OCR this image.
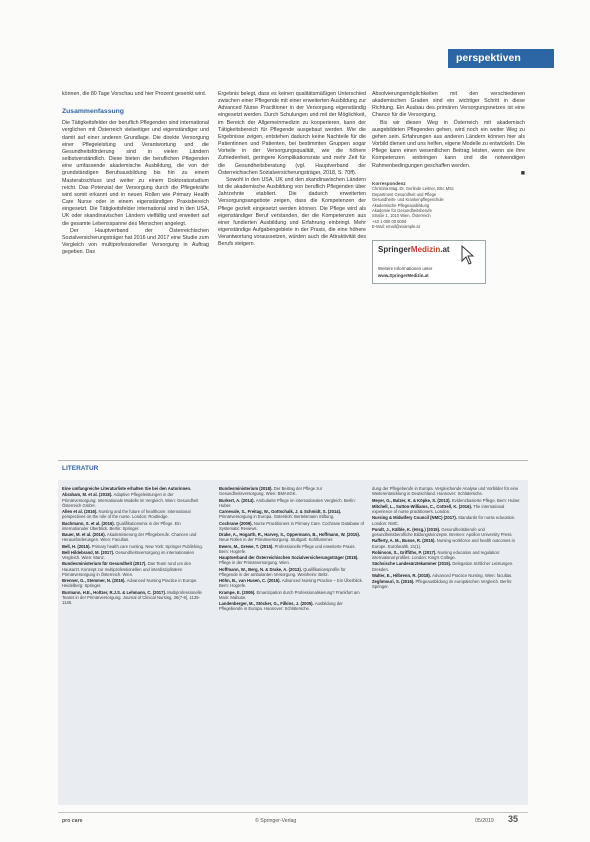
perspektiven

können, die 80 Tage Vorschau und hier Prozent gesenkt wird.

Zusammenfassung

Die Tätigkeitsfelder der beruflich Pflegenden sind international verglichen mit Österreich vielseitiger und eigenständiger und damit auf einer anderen Grundlage. Die direkte Versorgung einer Pflegeleistung und Verantwortung und die Gesundheitsförderung sind in vielen Ländern selbstverständlich. Diese bieten die beruflichen Pflegenden eine umfassende akademische Ausbildung, die von der grundständigen Berufsausbildung bis hin zu einem Masterabschluss und weiter zu einem Doktoratsstudium reicht. Das Potenzial der Versorgung durch die Pflegekräfte wird somit erkannt und in neuen Rollen wie Primary Health Care Nurse oder in einem eigenständigen Praxisbereich eingesetzt. Die Tätigkeitsfelder international sind in den USA, UK oder skandinavischen Ländern vielfältig und erweitert auf die gesamte Lebensspanne des Menschen angelegt.

Der Hauptverband der Österreichischen Sozialversicherungsträger hat 2016 und 2017 eine Studie zum Vergleich von multiprofessioneller Versorgung in Auftrag gegeben. Das

Ergebnis belegt, dass es keinen qualitätsmäßigen Unterschied zwischen einer Pflegende mit einer erweiterten Ausbildung zur Advanced Nurse Practitioner in der Versorgung eigenständig eingesetzt werden. Durch Schulungen und mit der Möglichkeit, im Bereich der Allgemeinmedizin zu kooperieren, kann der Tätigkeitsbereich für Pflegende ausgebaut werden. Wie die Ergebnisse zeigen, entstehen dadurch keine Nachteile für die Patientinnen und Patienten, bei bestimmten Gruppen sogar Vorteile in der Versorgungsqualität, wie die höhere Zufriedenheit, geringere Komplikationsrate und mehr Zeit für die Gesundheitsberatung (vgl. Hauptverband der Österreichischen Sozialversicherungsträger, 2018, S. 70ff).

Sowohl in den USA, UK und den skandinavischen Ländern ist die akademische Ausbildung von beruflich Pflegenden über Jahrzehnte etabliert. Die dadurch erweiterten Versorgungsangebote zeigen, dass die Kompetenzen der Pflege gezielt eingesetzt werden können. Die Pflege wird als eigenständiger Beruf verstanden, der die Kompetenzen aus einer fundierten Ausbildung und Erfahrung einbringt. Mehr eigenständige Aufgabengebiete in der Praxis, die eine höhere Verantwortung voraussetzen, würden auch die Attraktivität des Berufs steigern.

Absolvierungsmöglichkeiten mit den verschiedenen akademischen Graden sind ein wichtiger Schritt in diese Richtung. Ein Ausbau des primären Versorgungsnetzes ist eine Chance für die Versorgung.

Bis wir diesen Weg in Österreich mit akademisch ausgebildeten Pflegenden gehen, wird noch ein weiter Weg zu gehen sein. Erfahrungen aus anderen Ländern können hier als Vorbild dienen und uns helfen, eigene Modelle zu entwickeln. Die Pflege kann einen wesentlichen Beitrag leisten, wenn sie ihre Kompetenzen einbringen kann und die notwendigen Rahmenbedingungen geschaffen werden.

■
Korrespondenz
Christina Mag. Dr. Gerlinde Leitner, BSc MSc
Department Gesundheit und Pflege
Gesundheits- und Krankenpflegeschule
Akademische Pflegeausbildung
Akademie für Gesundheitsberufe
Straße 1, 1010 Wien, Österreich
+43 1 000 00 0000
E-Mail: email@example.at
SpringerMedizin.at
Weitere Informationen unter
www.SpringerMedizin.at
LITERATUR

Eine umfangreiche Literaturliste erhalten Sie bei den Autorinnen.

Abraham, M. et al. (2018). Adaptive Pflegeleistungen in der Primärversorgung: Internationale Modelle im Vergleich. Wien: Gesundheit Österreich GmbH.

Allen et al. (2016). Nursing and the future of healthcare: international perspectives on the role of the nurse. London: Routledge.

Bachmann, S. et al. (2016). Qualifikationsmix in der Pflege. Ein internationaler Überblick. Berlin: Springer.

Bauer, M. et al. (2016). Akademisierung der Pflegeberufe. Chancen und Herausforderungen. Wien: Facultas.

Bell, H. (2015). Primary health care nursing. New York: Springer Publishing.

Bell Hildebrand, M. (2017). Gesundheitsversorgung im internationalen Vergleich. Wien: Manz.

Bundesministerium für Gesundheit (2017). Das Team rund um den Hausarzt. Konzept zur multiprofessionellen und interdisziplinären Primärversorgung in Österreich. Wien.

Brenner, G., Stemmer, N. (2016). Advanced Nursing Practice in Europe. Heidelberg: Springer.

Burmann, H.E., Holtzer, R.J.S. & Lehmann, C. (2017). Multiprofessionelle Teams in der Primärversorgung. Journal of Clinical Nursing, 26(7-8), 1135-1148.

Bundesministerium (2018). Der Beitrag der Pflege zur Gesundheitsversorgung. Wien: BMASGK.

Burkert, A. (2014). Ambulante Pflege im internationalen Vergleich. Berlin: Huber.

Carnevale, S., Freitag, W., Gottschalk, J. & Schmidt, S. (2014). Primärversorgung in Europa. Gütersloh: Bertelsmann Stiftung.

Cochrane (2009). Nurse Practitioners in Primary Care. Cochrane Database of Systematic Reviews.

Drake, A., Hogarth, R., Harvey, S., Oppermann, B., Hoffmann, W. (2015). Neue Rollen in der Primärversorgung. Stuttgart: Kohlhammer.

Ewers, M., Grewe, T. (2015). Professionelle Pflege und erweiterte Praxis. Bern: Hogrefe.

Hauptverband der Österreichischen Sozialversicherungsträger (2018). Pflege in der Primärversorgung. Wien.

Hoffmann, W., Berg, N. & Drake, A. (2013). Qualifikationsprofile für Pflegende in der ambulanten Versorgung. Weinheim: Beltz.

Höhn, B., van Husen, C. (2015). Advanced Nursing Practice – Ein Überblick. Bern: Hogrefe.

Krampe, E. (2009). Emanzipation durch Professionalisierung? Frankfurt am Main: Mabuse.

Landenberger, M., Stöcker, G., Filkins, J. (2005). Ausbildung der Pflegeberufe in Europa. Hannover: Schlütersche.

dung der Pflegeberufe in Europa. Vergleichende Analyse und Vorbilder für eine Weiterentwicklung in Deutschland. Hannover: Schlütersche.

Meyer, G., Balzer, K. & Köpke, S. (2013). Evidenzbasierte Pflege. Bern: Huber.

Mitchell, L., Sutton-Williams, C., Cottrell, K. (2016). The international experience of nurse practitioners. London.

Nursing & Midwifery Council (NMC) (2017). Standards for nurse education. London: NMC.

Pundt, J., Kälble, K. (Hrsg.) (2015). Gesundheitsberufe und gesundheitsberufliche Bildungskonzepte. Bremen: Apollon University Press.

Rafferty, A. M., Busse, R. (2015). Nursing workforce and health outcomes in Europe. Eurohealth, 21(1).

Robinson, S., Griffiths, P. (2017). Nursing education and regulation: international profiles. London: King's College.

Sächsische Landesärztekammer (2015). Delegation ärztlicher Leistungen. Dresden.

Walter, E., Hilbrenn, R. (2018). Advanced Practice Nursing. Wien: facultas.

Zeghmouri, S. (2016). Pflegeausbildung im europäischen Vergleich. Berlin: Springer.

pro care	© Springer-Verlag	05/2019 35
